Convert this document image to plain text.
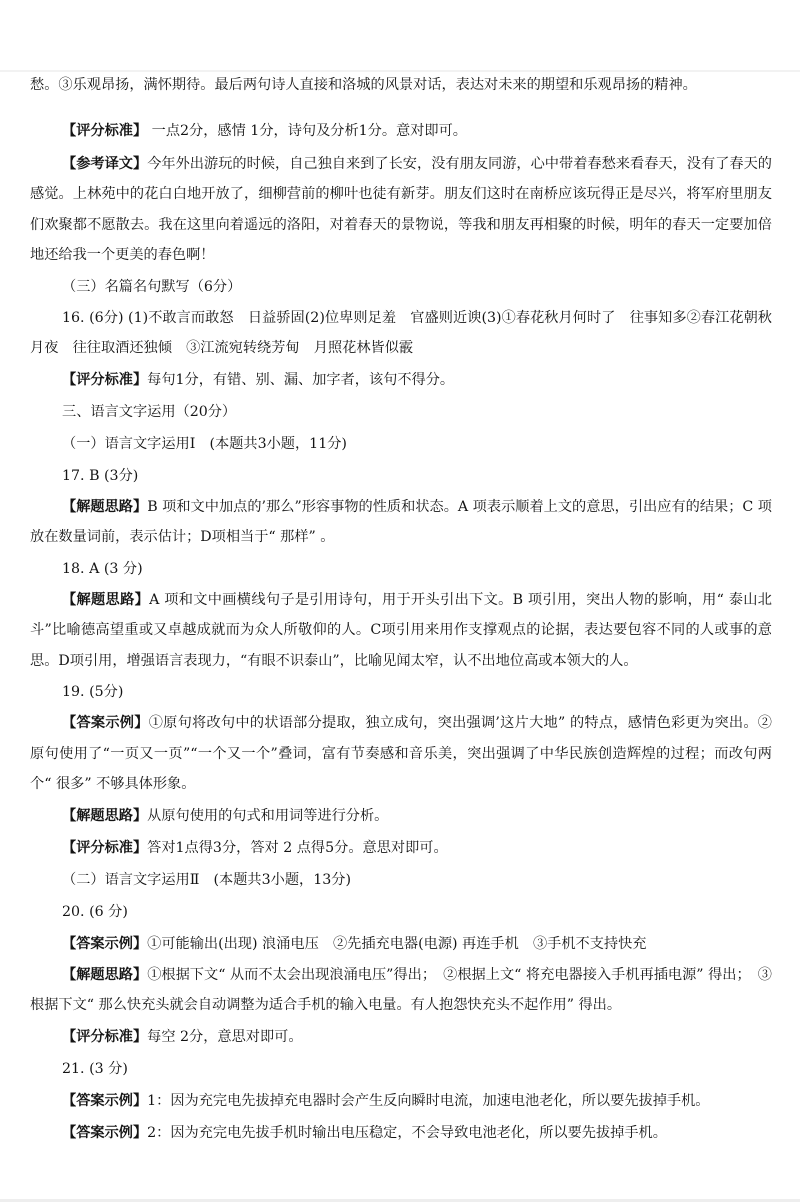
愁。③乐观昂扬，满怀期待。最后两句诗人直接和洛城的风景对话，表达对未来的期望和乐观昂扬的精神。

【评分标准】 一点2分，感情 1分，诗句及分析1分。意对即可。

【参考译文】今年外出游玩的时候，自己独自来到了长安，没有朋友同游，心中带着春愁来看春天，没有了春天的感觉。上林苑中的花白白地开放了，细柳营前的柳叶也徒有新芽。朋友们这时在南桥应该玩得正是尽兴，将军府里朋友们欢聚都不愿散去。我在这里向着遥远的洛阳，对着春天的景物说，等我和朋友再相聚的时候，明年的春天一定要加倍地还给我一个更美的春色啊！

（三）名篇名句默写（6分）

16. (6分) (1)不敢言而敢怒　日益骄固(2)位卑则足羞　官盛则近谀(3)①春花秋月何时了　往事知多②春江花朝秋月夜　往往取酒还独倾　③江流宛转绕芳甸　月照花林皆似霰

【评分标准】每句1分，有错、别、漏、加字者，该句不得分。

三、语言文字运用（20分）

（一）语言文字运用Ⅰ　(本题共3小题，11分)

17. B (3分)

【解题思路】B 项和文中加点的’那么”形容事物的性质和状态。A 项表示顺着上文的意思，引出应有的结果；C 项放在数量词前，表示估计；D项相当于“ 那样” 。

18. A (3 分)

【解题思路】A 项和文中画横线句子是引用诗句，用于开头引出下文。B 项引用，突出人物的影响，用“ 泰山北斗”比喻德高望重或又卓越成就而为众人所敬仰的人。C项引用来用作支撑观点的论据，表达要包容不同的人或事的意思。D项引用，增强语言表现力，“有眼不识泰山”，比喻见闻太窄，认不出地位高或本领大的人。

19. (5分)

【答案示例】①原句将改句中的状语部分提取，独立成句，突出强调’这片大地” 的特点，感情色彩更为突出。②原句使用了“一页又一页”“一个又一个”叠词，富有节奏感和音乐美，突出强调了中华民族创造辉煌的过程；而改句两个“ 很多” 不够具体形象。

【解题思路】从原句使用的句式和用词等进行分析。

【评分标准】答对1点得3分，答对 2 点得5分。意思对即可。

（二）语言文字运用Ⅱ　(本题共3小题，13分)

20. (6 分)

【答案示例】①可能输出(出现) 浪涌电压　②先插充电器(电源) 再连手机　③手机不支持快充

【解题思路】①根据下文“ 从而不太会出现浪涌电压”得出；　②根据上文“ 将充电器接入手机再插电源” 得出；　③根据下文“ 那么快充头就会自动调整为适合手机的输入电量。有人抱怨快充头不起作用” 得出。

【评分标准】每空 2分，意思对即可。

21. (3 分)

【答案示例】1：因为充完电先拔掉充电器时会产生反向瞬时电流，加速电池老化，所以要先拔掉手机。

【答案示例】2：因为充完电先拔手机时输出电压稳定，不会导致电池老化，所以要先拔掉手机。
